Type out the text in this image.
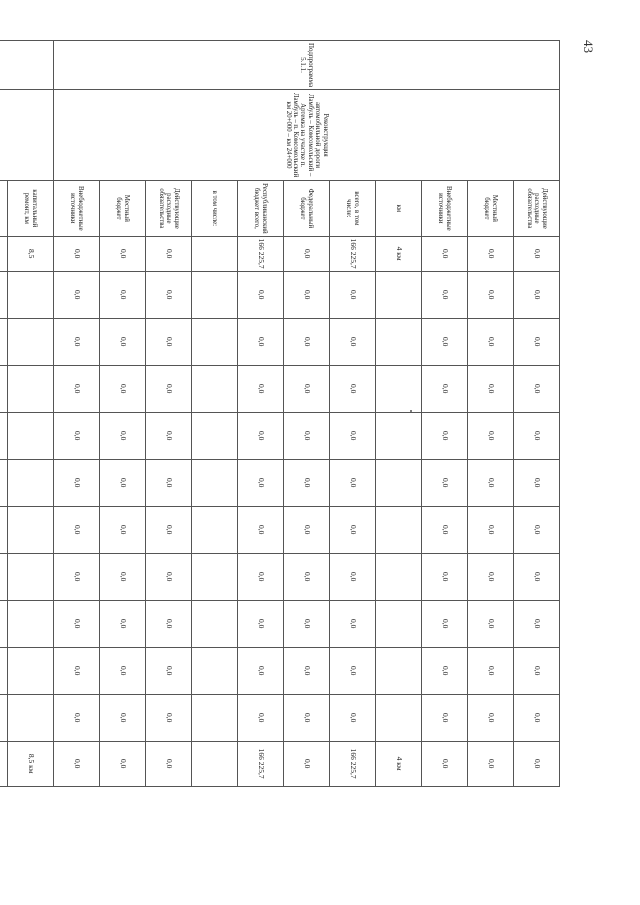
43
Подпрограмма 5.1.1.	Реконструкция автомобильной дороги Ламбуль – Комсомольский – Артемка на участке п. Ламбуль – п. Комсомольский км 20+000 – км 24+000	Действующие расходные обязательства	0,0	0,0	0,0	0,0	0,0	0,0	0,0	0,0	0,0	0,0	0,0	0,0
		Местный бюджет	0,0	0,0	0,0	0,0	0,0	0,0	0,0	0,0	0,0	0,0	0,0	0,0
		Внебюджетные источники	0,0	0,0	0,0	0,0	0,0	0,0	0,0	0,0	0,0	0,0	0,0	0,0
		км	4 км											4 км
		всего, в том числе:	166 225,7	0,0	0,0	0,0	0,0	0,0	0,0	0,0	0,0	0,0	0,0	166 225,7
		Федеральный бюджет	0,0	0,0	0,0	0,0	0,0	0,0	0,0	0,0	0,0	0,0	0,0	0,0
		Республиканский бюджет всего,	166 225,7	0,0	0,0	0,0	0,0	0,0	0,0	0,0	0,0	0,0	0,0	166 225,7
		в том числе:												
		Действующие расходные обязательства	0,0	0,0	0,0	0,0	0,0	0,0	0,0	0,0	0,0	0,0	0,0	0,0
		Местный бюджет	0,0	0,0	0,0	0,0	0,0	0,0	0,0	0,0	0,0	0,0	0,0	0,0
		Внебюджетные источники	0,0	0,0	0,0	0,0	0,0	0,0	0,0	0,0	0,0	0,0	0,0	0,0
		капитальный ремонт, км	8,5											8,5 км
